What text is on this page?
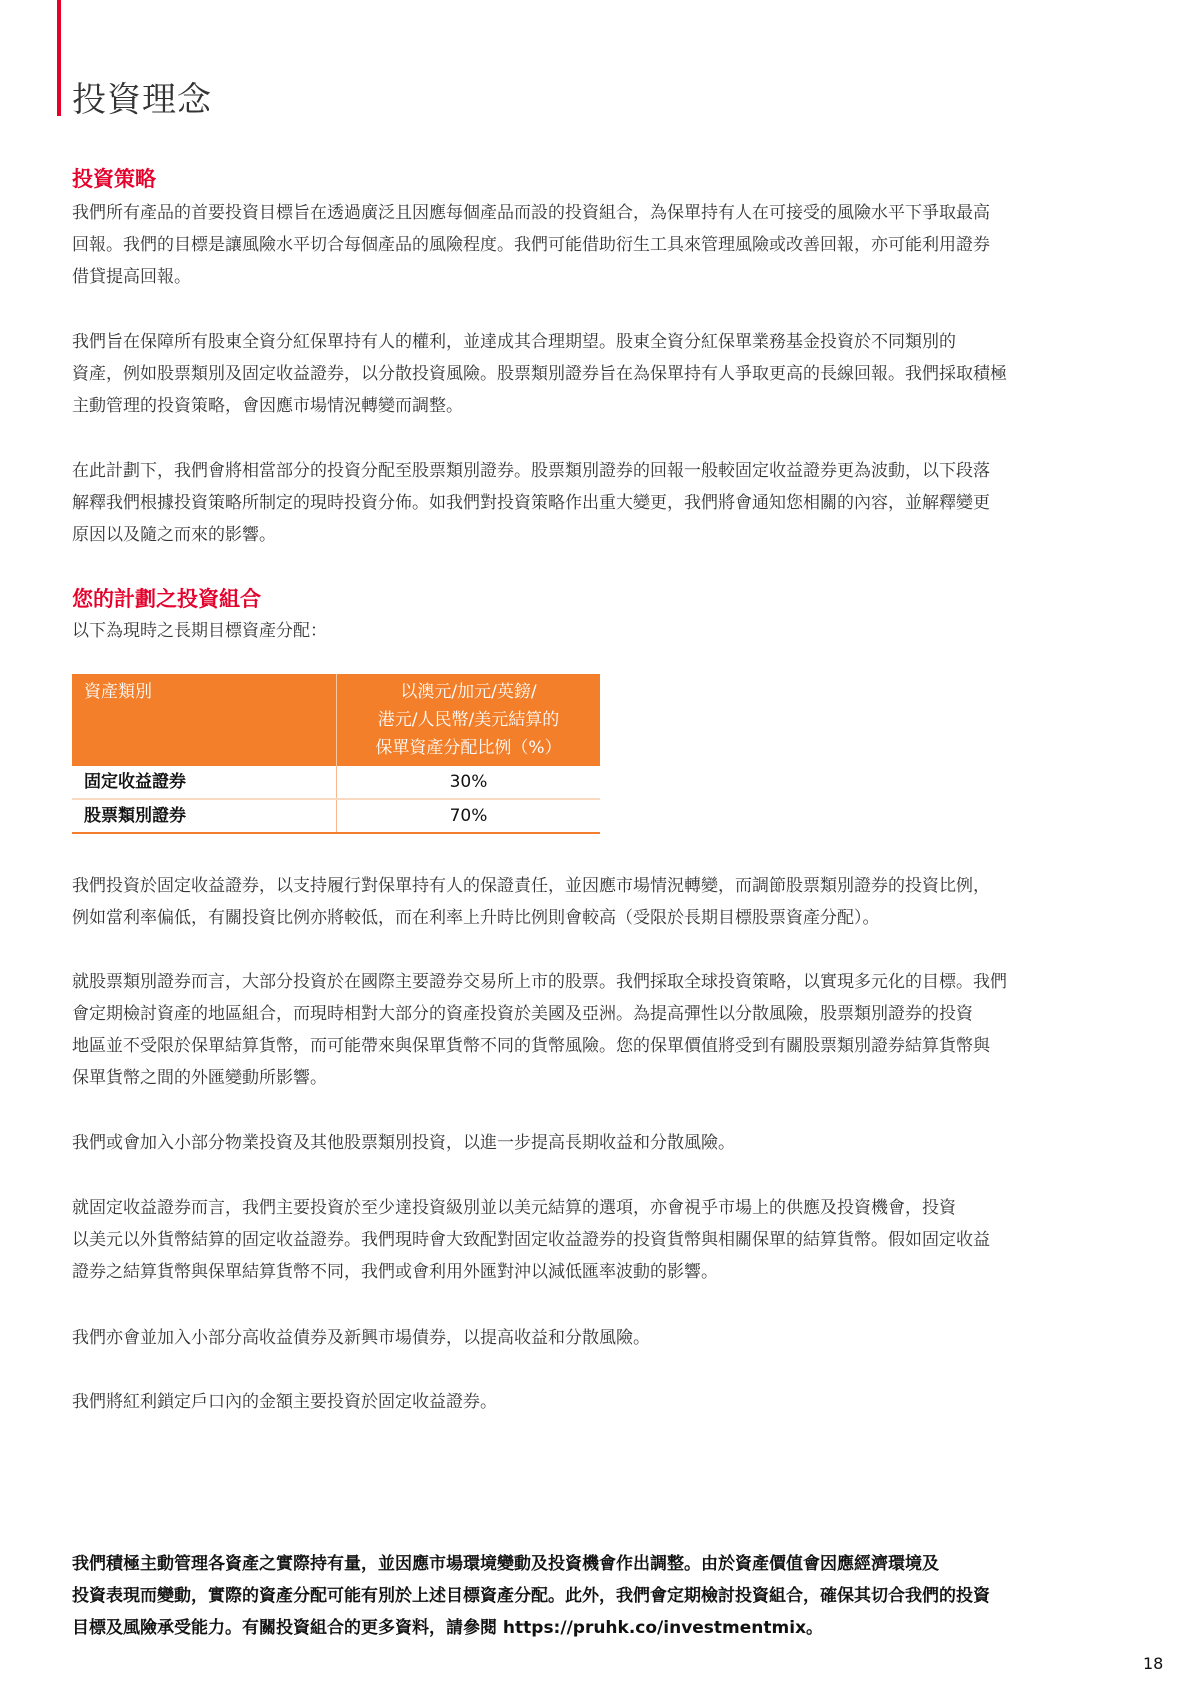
投資理念
投資策略
我們所有產品的首要投資目標旨在透過廣泛且因應每個產品而設的投資組合，為保單持有人在可接受的風險水平下爭取最高
回報。我們的目標是讓風險水平切合每個產品的風險程度。我們可能借助衍生工具來管理風險或改善回報，亦可能利用證券
借貸提高回報。
我們旨在保障所有股東全資分紅保單持有人的權利，並達成其合理期望。股東全資分紅保單業務基金投資於不同類別的
資產，例如股票類別及固定收益證券，以分散投資風險。股票類別證券旨在為保單持有人爭取更高的長線回報。我們採取積極
主動管理的投資策略，會因應市場情況轉變而調整。
在此計劃下，我們會將相當部分的投資分配至股票類別證券。股票類別證券的回報一般較固定收益證券更為波動，以下段落
解釋我們根據投資策略所制定的現時投資分佈。如我們對投資策略作出重大變更，我們將會通知您相關的內容，並解釋變更
原因以及隨之而來的影響。
您的計劃之投資組合
以下為現時之長期目標資產分配：
資產類別	以澳元/加元/英鎊/
港元/人民幣/美元結算的
保單資產分配比例（%）

固定收益證券	30%
股票類別證券	70%
我們投資於固定收益證券，以支持履行對保單持有人的保證責任，並因應市場情況轉變，而調節股票類別證券的投資比例，
例如當利率偏低，有關投資比例亦將較低，而在利率上升時比例則會較高（受限於長期目標股票資產分配）。
就股票類別證券而言，大部分投資於在國際主要證券交易所上市的股票。我們採取全球投資策略，以實現多元化的目標。我們
會定期檢討資產的地區組合，而現時相對大部分的資產投資於美國及亞洲。為提高彈性以分散風險，股票類別證券的投資
地區並不受限於保單結算貨幣，而可能帶來與保單貨幣不同的貨幣風險。您的保單價值將受到有關股票類別證券結算貨幣與
保單貨幣之間的外匯變動所影響。
我們或會加入小部分物業投資及其他股票類別投資，以進一步提高長期收益和分散風險。
就固定收益證券而言，我們主要投資於至少達投資級別並以美元結算的選項，亦會視乎市場上的供應及投資機會，投資
以美元以外貨幣結算的固定收益證券。我們現時會大致配對固定收益證券的投資貨幣與相關保單的結算貨幣。假如固定收益
證券之結算貨幣與保單結算貨幣不同，我們或會利用外匯對沖以減低匯率波動的影響。
我們亦會並加入小部分高收益債券及新興市場債券，以提高收益和分散風險。
我們將紅利鎖定戶口內的金額主要投資於固定收益證券。
我們積極主動管理各資產之實際持有量，並因應市場環境變動及投資機會作出調整。由於資產價值會因應經濟環境及
投資表現而變動，實際的資產分配可能有別於上述目標資產分配。此外，我們會定期檢討投資組合，確保其切合我們的投資
目標及風險承受能力。有關投資組合的更多資料，請參閱 https://pruhk.co/investmentmix。
18
